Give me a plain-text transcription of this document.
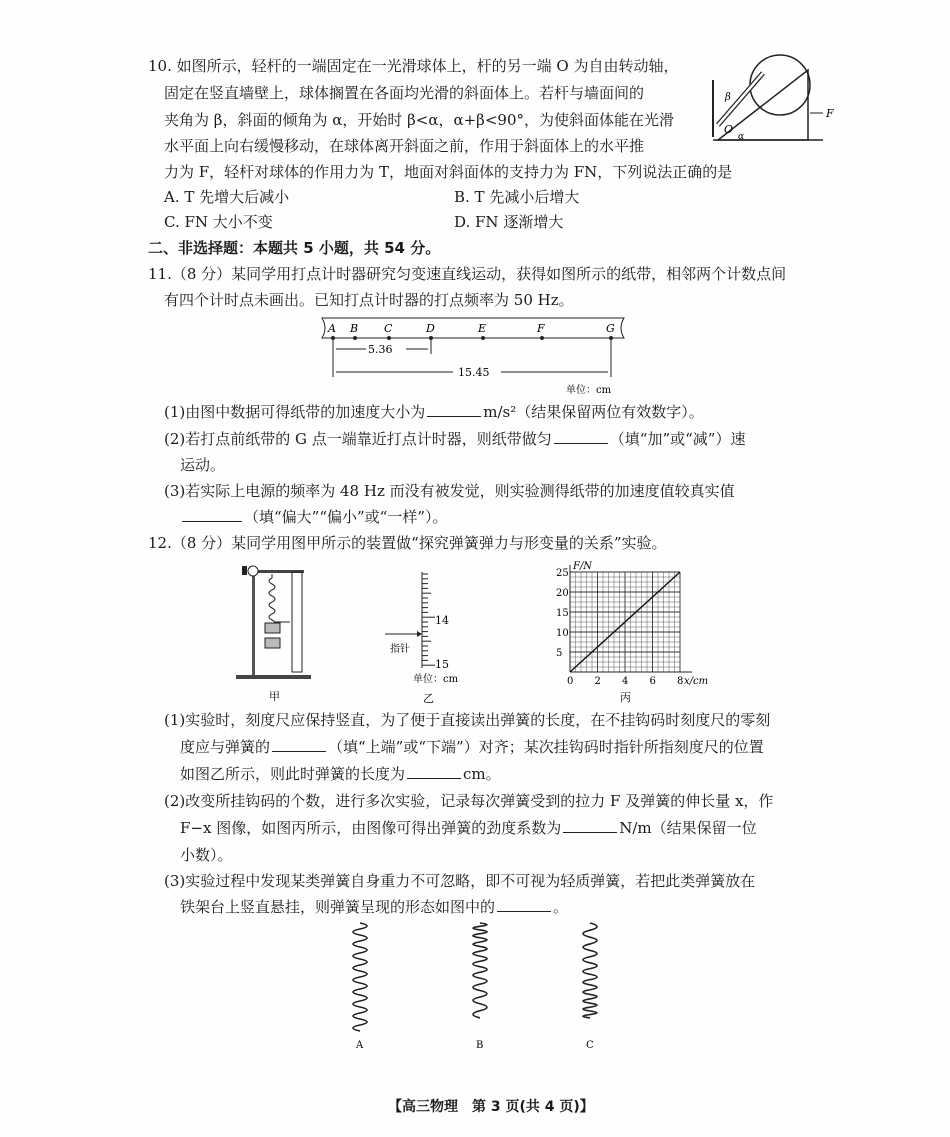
10. 如图所示，轻杆的一端固定在一光滑球体上，杆的另一端 O 为自由转动轴，
固定在竖直墙壁上，球体搁置在各面均光滑的斜面体上。若杆与墙面间的
夹角为 β，斜面的倾角为 α，开始时 β<α，α+β<90°，为使斜面体能在光滑
水平面上向右缓慢移动，在球体离开斜面之前，作用于斜面体上的水平推
力为 F，轻杆对球体的作用力为 T，地面对斜面体的支持力为 FN，下列说法正确的是
A. T 先增大后减小	B. T 先减小后增大
C. FN 大小不变	D. FN 逐渐增大
β
O
α
F
二、非选择题：本题共 5 小题，共 54 分。
11.（8 分）某同学用打点计时器研究匀变速直线运动，获得如图所示的纸带，相邻两个计数点间
有四个计时点未画出。已知打点计时器的打点频率为 50 Hz。
A B C	D	E	F	G
5.36
15.45
单位：cm
(1)由图中数据可得纸带的加速度大小为	m/s²（结果保留两位有效数字）。
(2)若打点前纸带的 G 点一端靠近打点计时器，则纸带做匀	（填“加”或“减”）速
运动。
(3)若实际上电源的频率为 48 Hz 而没有被发觉，则实验测得纸带的加速度值较真实值
（填“偏大”“偏小”或“一样”）。
12.（8 分）某同学用图甲所示的装置做“探究弹簧弹力与形变量的关系”实验。
甲
14
15
指针
单位：cm
乙
0 2 4 6 8
5
10
15
20
25
F/N
x/cm
丙
(1)实验时，刻度尺应保持竖直，为了便于直接读出弹簧的长度，在不挂钩码时刻度尺的零刻
度应与弹簧的	（填“上端”或“下端”）对齐；某次挂钩码时指针所指刻度尺的位置
如图乙所示，则此时弹簧的长度为	cm。
(2)改变所挂钩码的个数，进行多次实验，记录每次弹簧受到的拉力 F 及弹簧的伸长量 x，作
F−x 图像，如图丙所示，由图像可得出弹簧的劲度系数为	N/m（结果保留一位
小数）。
(3)实验过程中发现某类弹簧自身重力不可忽略，即不可视为轻质弹簧，若把此类弹簧放在
铁架台上竖直悬挂，则弹簧呈现的形态如图中的	。
A	B	C
【高三物理　第 3 页(共 4 页)】
